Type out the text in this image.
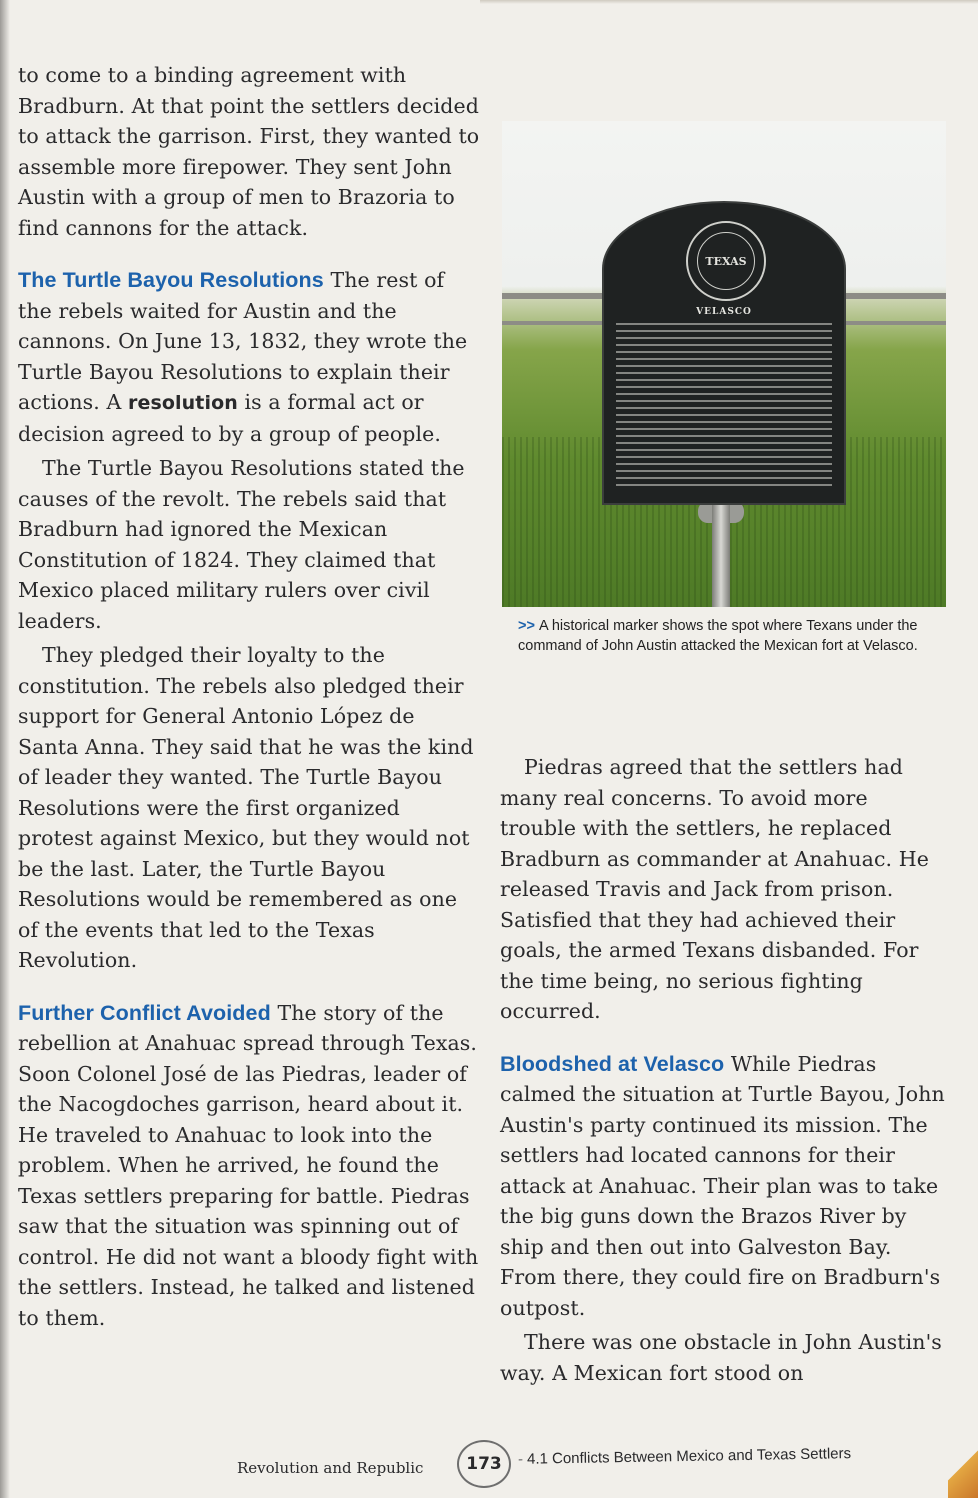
to come to a binding agreement with Bradburn. At that point the settlers decided to attack the garrison. First, they wanted to assemble more firepower. They sent John Austin with a group of men to Brazoria to find cannons for the attack.

The Turtle Bayou Resolutions The rest of the rebels waited for Austin and the cannons. On June 13, 1832, they wrote the Turtle Bayou Resolutions to explain their actions. A resolution is a formal act or decision agreed to by a group of people.

The Turtle Bayou Resolutions stated the causes of the revolt. The rebels said that Bradburn had ignored the Mexican Constitution of 1824. They claimed that Mexico placed military rulers over civil leaders.

They pledged their loyalty to the constitution. The rebels also pledged their support for General Antonio López de Santa Anna. They said that he was the kind of leader they wanted. The Turtle Bayou Resolutions were the first organized protest against Mexico, but they would not be the last. Later, the Turtle Bayou Resolutions would be remembered as one of the events that led to the Texas Revolution.

Further Conflict Avoided The story of the rebellion at Anahuac spread through Texas. Soon Colonel José de las Piedras, leader of the Nacogdoches garrison, heard about it. He traveled to Anahuac to look into the problem. When he arrived, he found the Texas settlers preparing for battle. Piedras saw that the situation was spinning out of control. He did not want a bloody fight with the settlers. Instead, he talked and listened to them.

TEXAS
VELASCO
>> A historical marker shows the spot where Texans under the command of John Austin attacked the Mexican fort at Velasco.

Piedras agreed that the settlers had many real concerns. To avoid more trouble with the settlers, he replaced Bradburn as commander at Anahuac. He released Travis and Jack from prison. Satisfied that they had achieved their goals, the armed Texans disbanded. For the time being, no serious fighting occurred.

Bloodshed at Velasco While Piedras calmed the situation at Turtle Bayou, John Austin's party continued its mission. The settlers had located cannons for their attack at Anahuac. Their plan was to take the big guns down the Brazos River by ship and then out into Galveston Bay. From there, they could fire on Bradburn's outpost.

There was one obstacle in John Austin's way. A Mexican fort stood on

Revolution and Republic	173	- 4.1 Conflicts Between Mexico and Texas Settlers
